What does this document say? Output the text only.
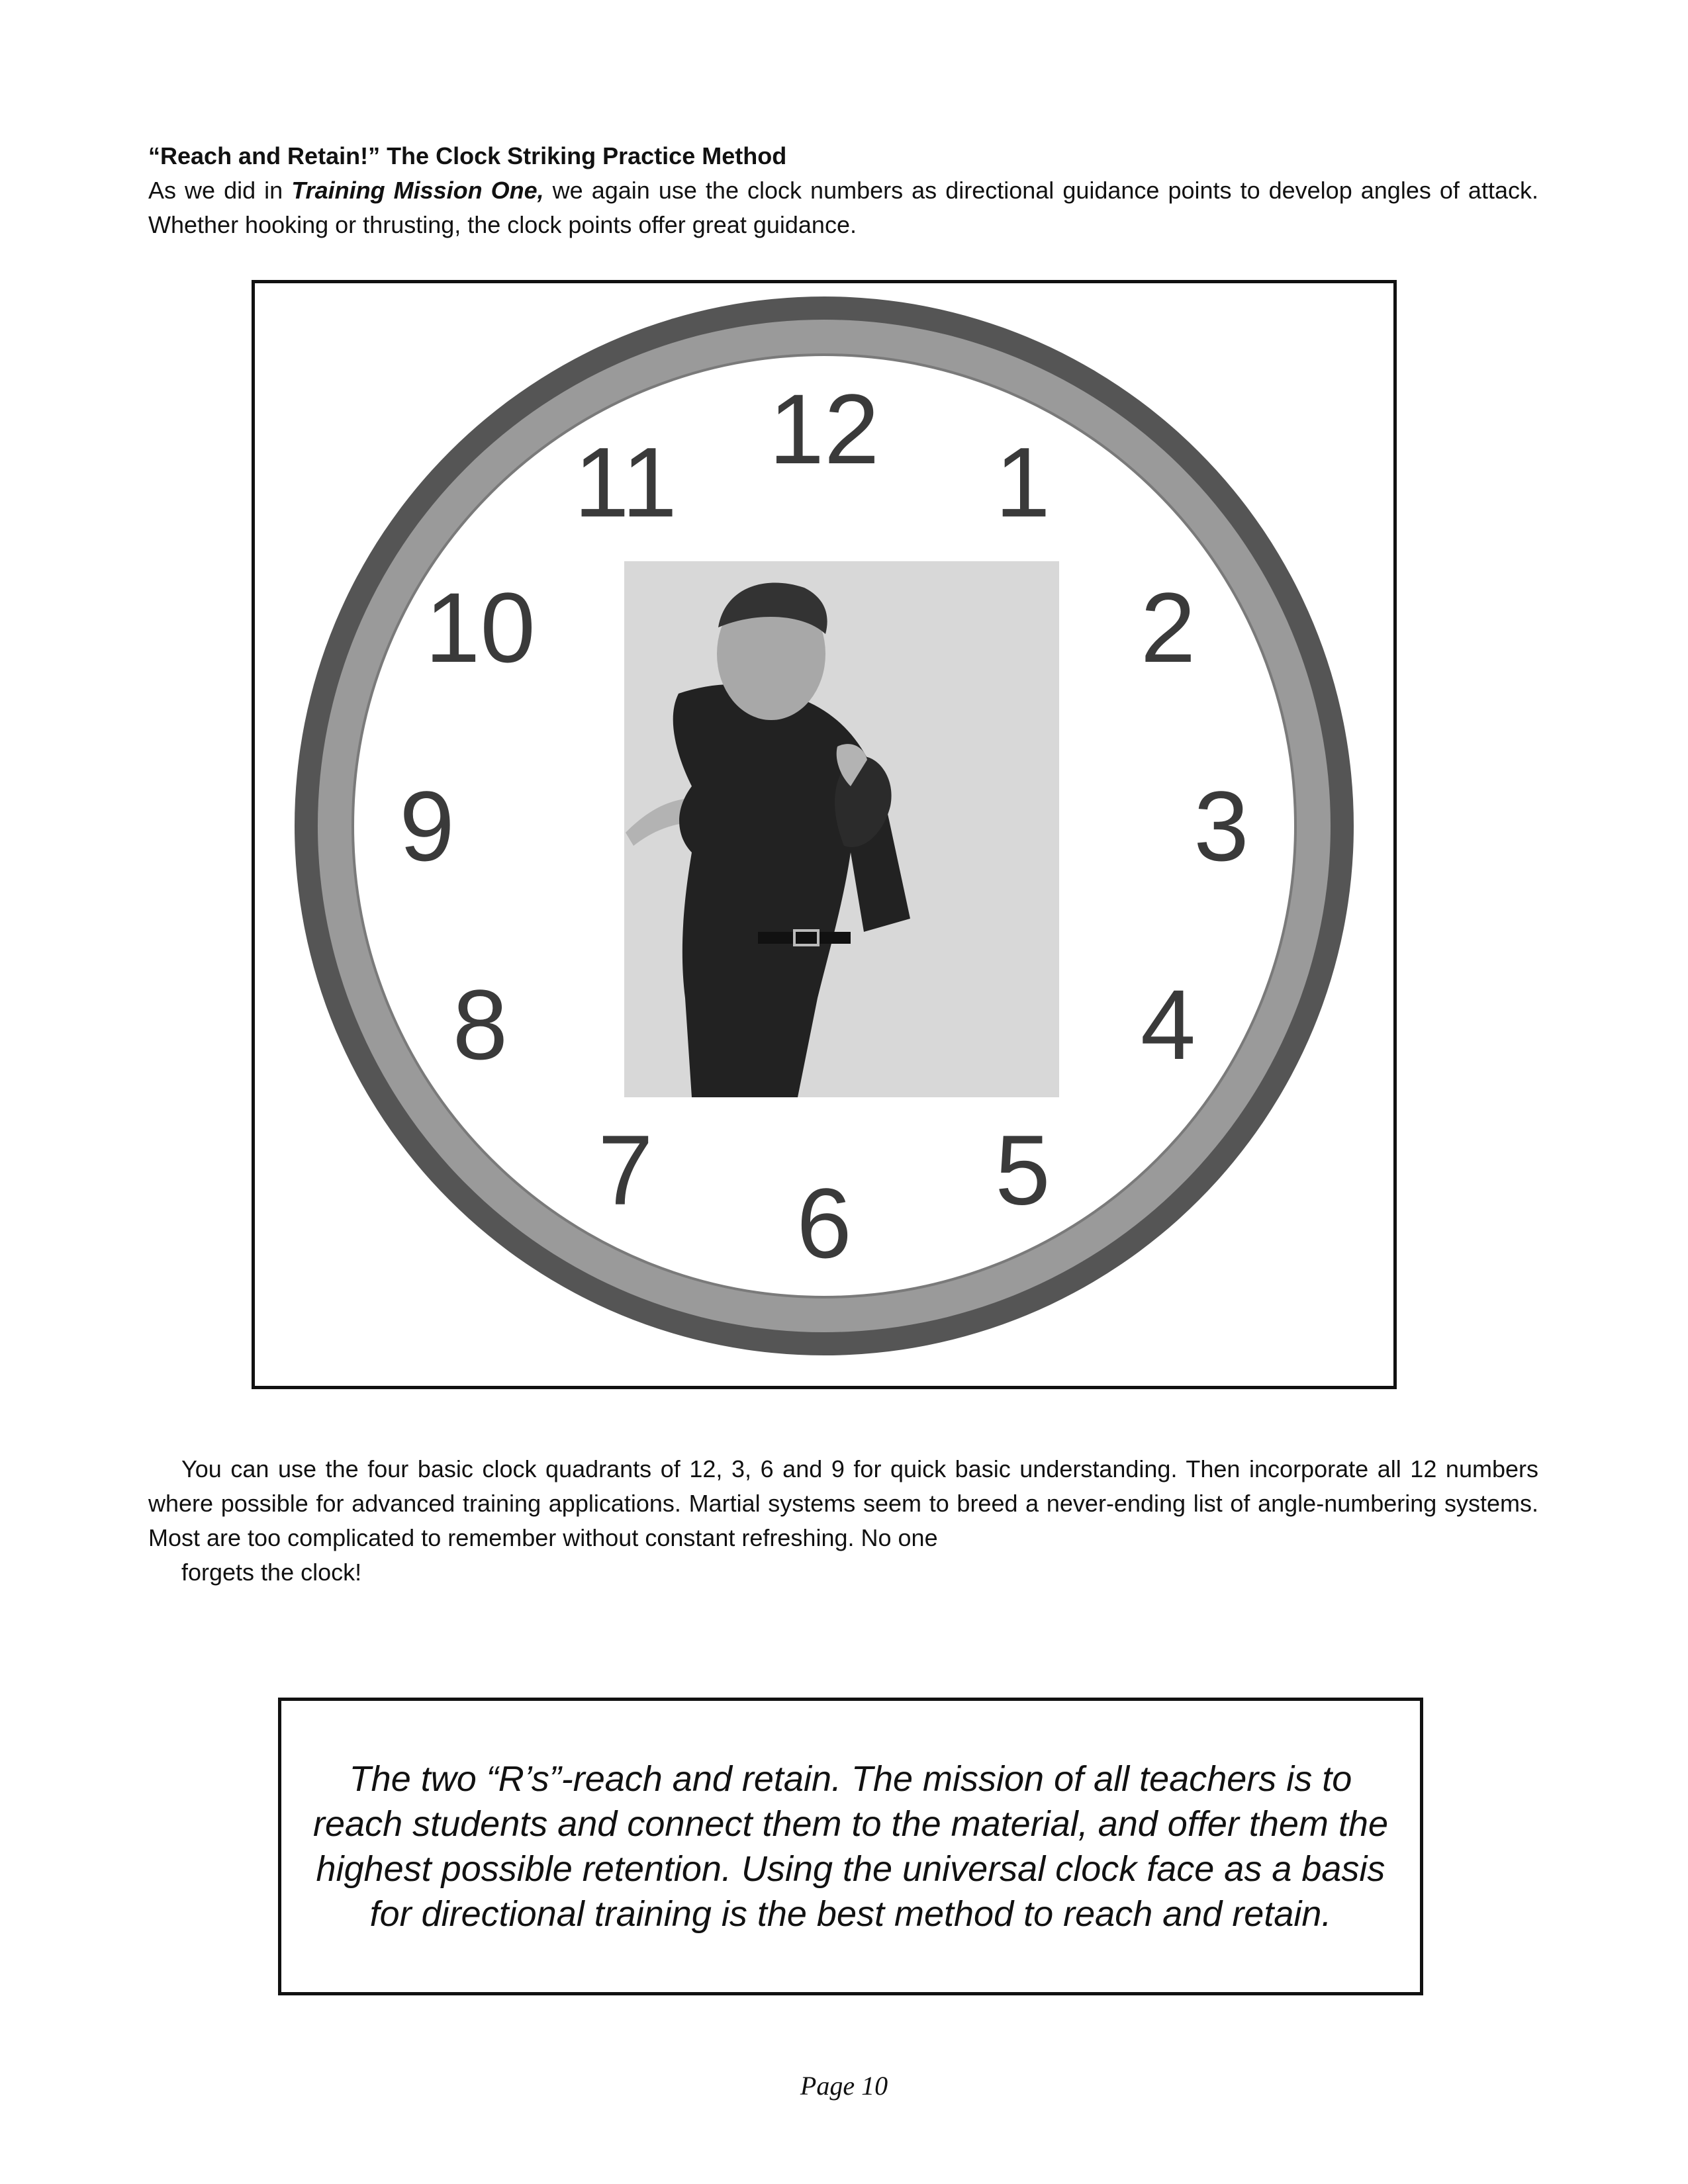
“Reach and Retain!” The Clock Striking Practice Method
As we did in Training Mission One, we again use the clock numbers as directional guidance points to develop angles of attack. Whether hooking or thrusting, the clock points offer great guidance.
12 1
2
3
4
5
6
7
8
9
10
11
You can use the four basic clock quadrants of 12, 3, 6 and 9 for quick basic understanding. Then incorporate all 12 numbers where possible for advanced training applications. Martial systems seem to breed a never-ending list of angle-numbering systems. Most are too complicated to remember without constant refreshing. No one
forgets the clock!
The two “R’s”-reach and retain. The mission of all teachers is to reach students and connect them to the material, and offer them the highest possible retention. Using the universal clock face as a basis for directional training is the best method to reach and retain.
Page 10
